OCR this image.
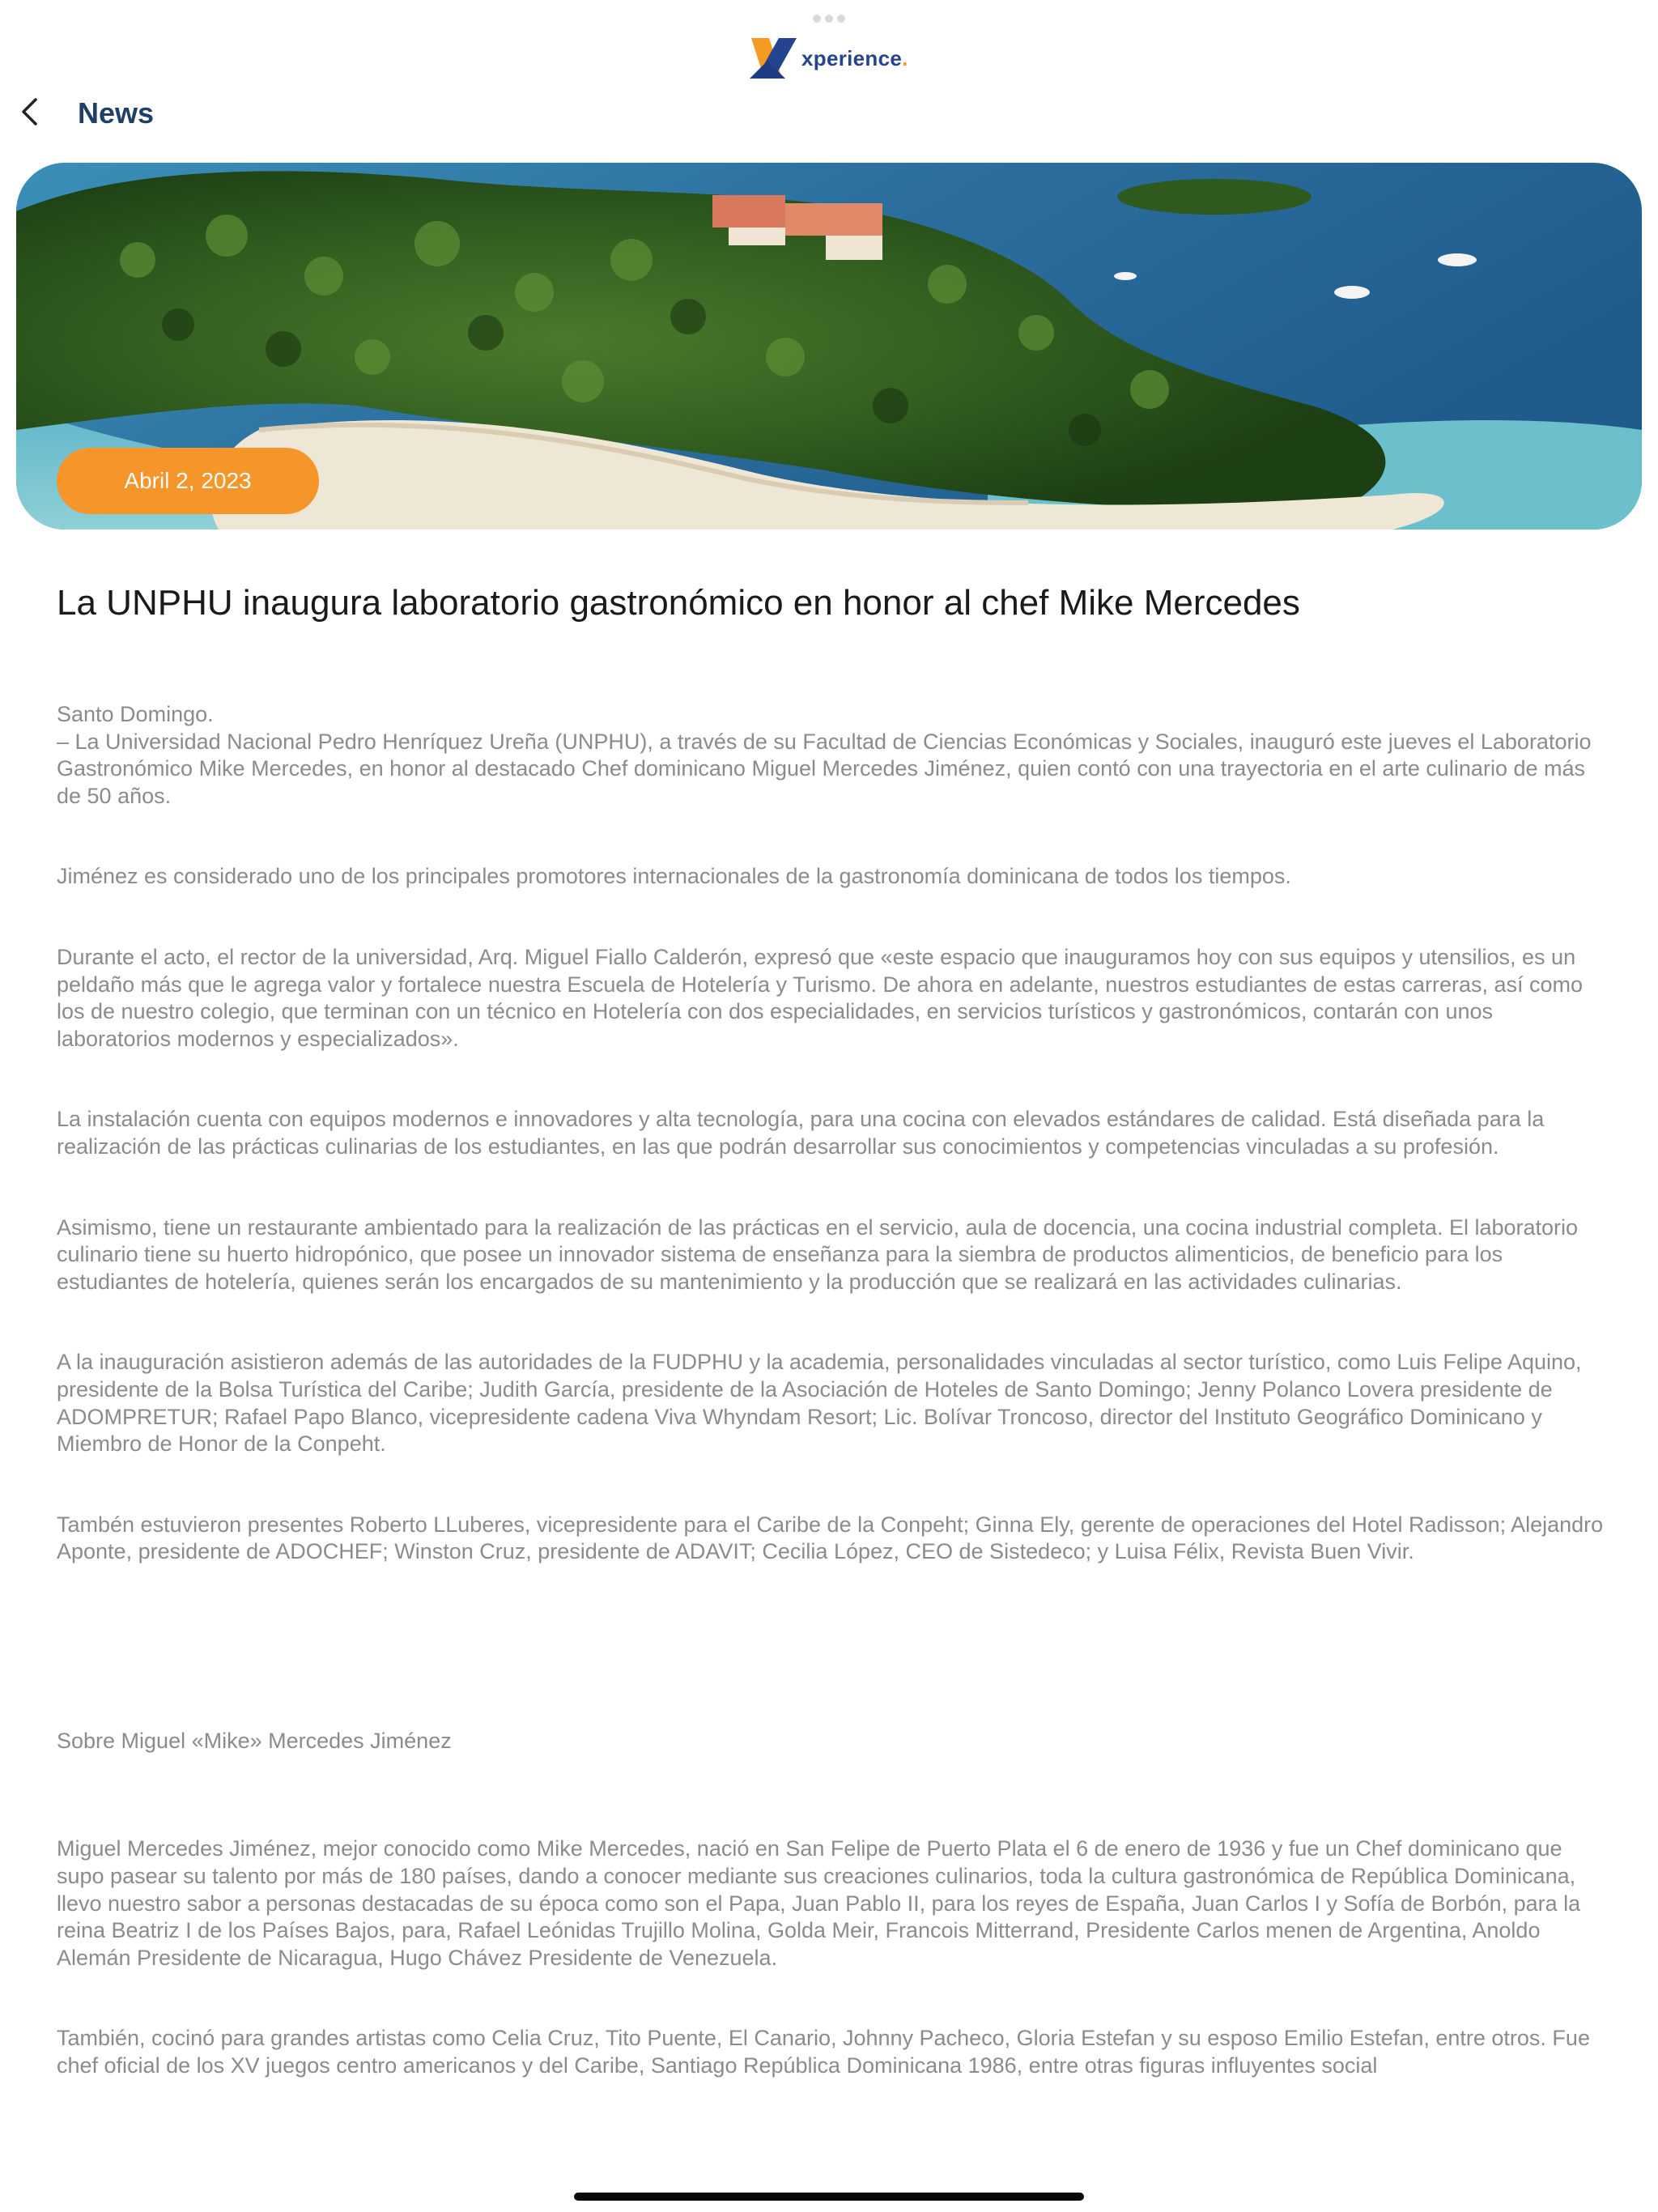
xperience .
News
Abril 2, 2023
La UNPHU inaugura laboratorio gastronómico en honor al chef Mike Mercedes

Santo Domingo.

– La Universidad Nacional Pedro Henríquez Ureña (UNPHU), a través de su Facultad de Ciencias Económicas y Sociales, inauguró este jueves el Laboratorio Gastronómico Mike Mercedes, en honor al destacado Chef dominicano Miguel Mercedes Jiménez, quien contó con una trayectoria en el arte culinario de más de 50 años.

Jiménez es considerado uno de los principales promotores internacionales de la gastronomía dominicana de todos los tiempos.

Durante el acto, el rector de la universidad, Arq. Miguel Fiallo Calderón, expresó que «este espacio que inauguramos hoy con sus equipos y utensilios, es un peldaño más que le agrega valor y fortalece nuestra Escuela de Hotelería y Turismo. De ahora en adelante, nuestros estudiantes de estas carreras, así como los de nuestro colegio, que terminan con un técnico en Hotelería con dos especialidades, en servicios turísticos y gastronómicos, contarán con unos laboratorios modernos y especializados».

La instalación cuenta con equipos modernos e innovadores y alta tecnología, para una cocina con elevados estándares de calidad. Está diseñada para la realización de las prácticas culinarias de los estudiantes, en las que podrán desarrollar sus conocimientos y competencias vinculadas a su profesión.

Asimismo, tiene un restaurante ambientado para la realización de las prácticas en el servicio, aula de docencia, una cocina industrial completa. El laboratorio culinario tiene su huerto hidropónico, que posee un innovador sistema de enseñanza para la siembra de productos alimenticios, de beneficio para los estudiantes de hotelería, quienes serán los encargados de su mantenimiento y la producción que se realizará en las actividades culinarias.

A la inauguración asistieron además de las autoridades de la FUDPHU y la academia, personalidades vinculadas al sector turístico, como Luis Felipe Aquino, presidente de la Bolsa Turística del Caribe; Judith García, presidente de la Asociación de Hoteles de Santo Domingo; Jenny Polanco Lovera presidente de ADOMPRETUR; Rafael Papo Blanco, vicepresidente cadena Viva Whyndam Resort; Lic. Bolívar Troncoso, director del Instituto Geográfico Dominicano y Miembro de Honor de la Conpeht.

Tambén estuvieron presentes Roberto LLuberes, vicepresidente para el Caribe de la Conpeht; Ginna Ely, gerente de operaciones del Hotel Radisson; Alejandro Aponte, presidente de ADOCHEF; Winston Cruz, presidente de ADAVIT; Cecilia López, CEO de Sistedeco; y Luisa Félix, Revista Buen Vivir.

Sobre Miguel «Mike» Mercedes Jiménez

Miguel Mercedes Jiménez, mejor conocido como Mike Mercedes, nació en San Felipe de Puerto Plata el 6 de enero de 1936 y fue un Chef dominicano que supo pasear su talento por más de 180 países, dando a conocer mediante sus creaciones culinarios, toda la cultura gastronómica de República Dominicana, llevo nuestro sabor a personas destacadas de su época como son el Papa, Juan Pablo II, para los reyes de España, Juan Carlos I y Sofía de Borbón, para la reina Beatriz I de los Países Bajos, para, Rafael Leónidas Trujillo Molina, Golda Meir, Francois Mitterrand, Presidente Carlos menen de Argentina, Anoldo Alemán Presidente de Nicaragua, Hugo Chávez Presidente de Venezuela.

También, cocinó para grandes artistas como Celia Cruz, Tito Puente, El Canario, Johnny Pacheco, Gloria Estefan y su esposo Emilio Estefan, entre otros. Fue chef oficial de los XV juegos centro americanos y del Caribe, Santiago República Dominicana 1986, entre otras figuras influyentes social
